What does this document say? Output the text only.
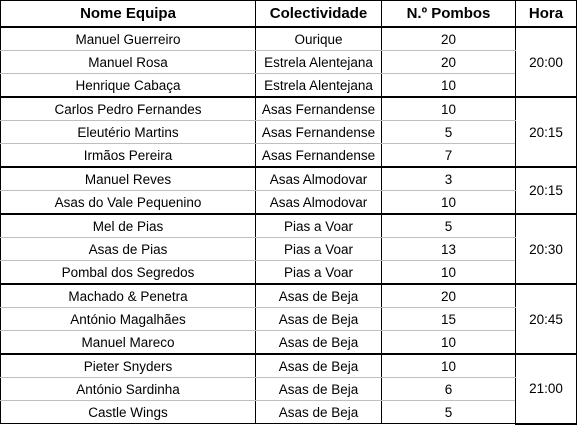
Nome Equipa	Colectividade	N.º Pombos	Hora
Manuel Guerreiro	Ourique	20	20:00
Manuel Rosa	Estrela Alentejana	20	
Henrique Cabaça	Estrela Alentejana	10	
Carlos Pedro Fernandes	Asas Fernandense	10	20:15
Eleutério Martins	Asas Fernandense	5	
Irmãos Pereira	Asas Fernandense	7	
Manuel Reves	Asas Almodovar	3	20:15
Asas do Vale Pequenino	Asas Almodovar	10	
Mel de Pias	Pias a Voar	5	20:30
Asas de Pias	Pias a Voar	13	
Pombal dos Segredos	Pias a Voar	10	
Machado & Penetra	Asas de Beja	20	20:45
António Magalhães	Asas de Beja	15	
Manuel Mareco	Asas de Beja	10	
Pieter Snyders	Asas de Beja	10	21:00
António Sardinha	Asas de Beja	6	
Castle Wings	Asas de Beja	5	
